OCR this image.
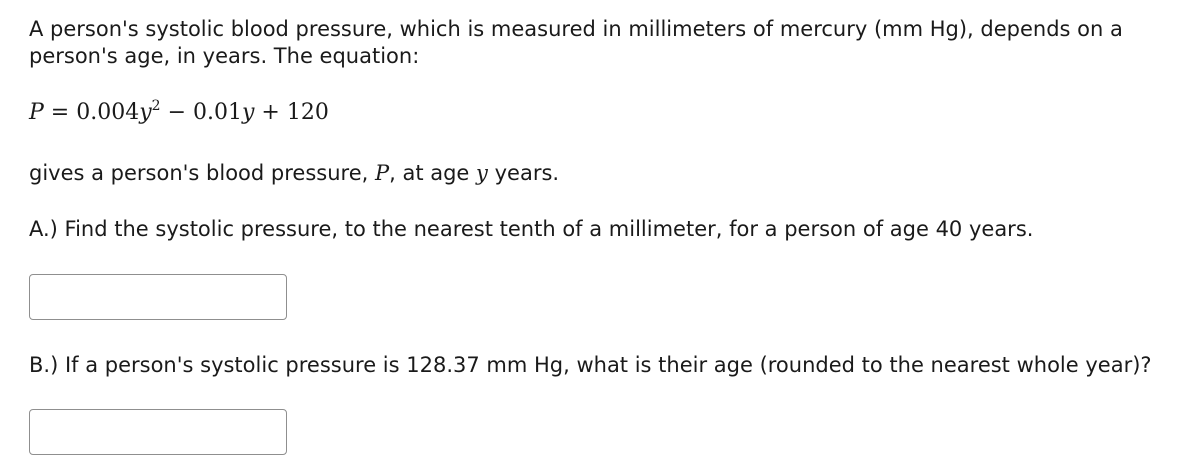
A person's systolic blood pressure, which is measured in millimeters of mercury (mm Hg), depends on a
person's age, in years. The equation:

$P = 0.004y^2 - 0.01y + 120$

gives a person's blood pressure, P, at age y years.

A.) Find the systolic pressure, to the nearest tenth of a millimeter, for a person of age 40 years.

B.) If a person's systolic pressure is 128.37 mm Hg, what is their age (rounded to the nearest whole year)?
